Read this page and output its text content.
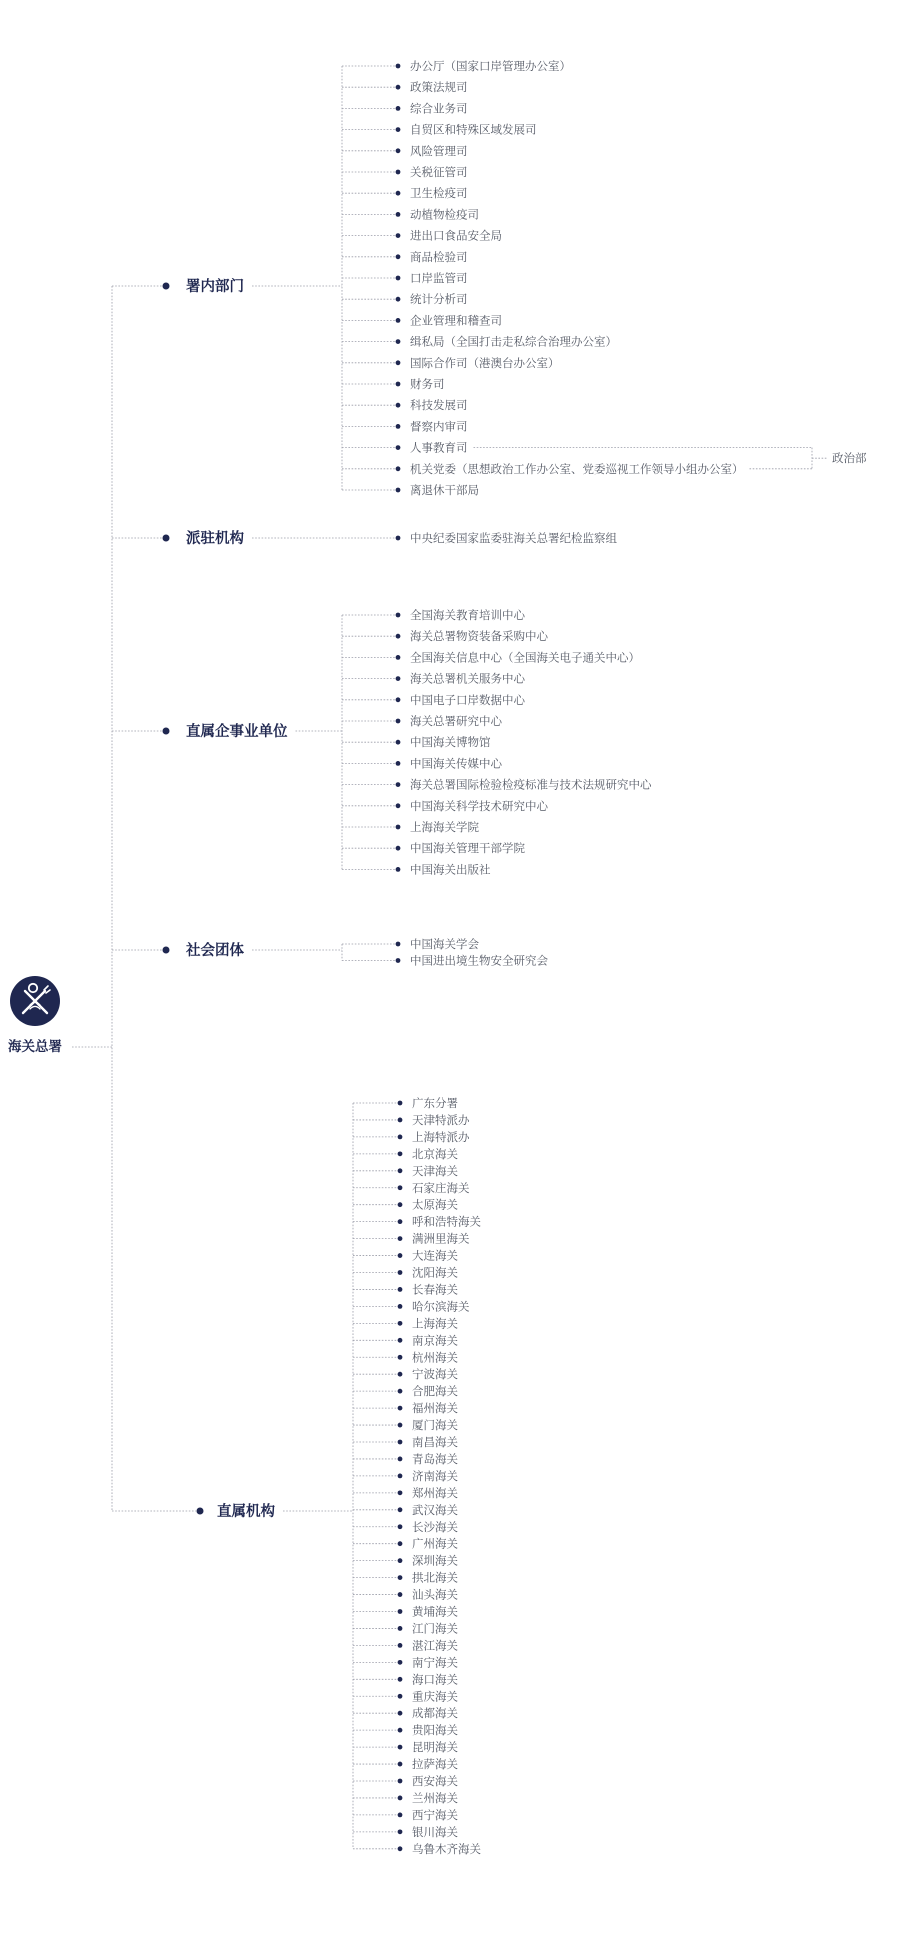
海关总署
署内部门
办公厅（国家口岸管理办公室）
政策法规司
综合业务司
自贸区和特殊区域发展司
风险管理司
关税征管司
卫生检疫司
动植物检疫司
进出口食品安全局
商品检验司
口岸监管司
统计分析司
企业管理和稽查司
缉私局（全国打击走私综合治理办公室）
国际合作司（港澳台办公室）
财务司
科技发展司
督察内审司
人事教育司
机关党委（思想政治工作办公室、党委巡视工作领导小组办公室）
离退休干部局
政治部
派驻机构	中央纪委国家监委驻海关总署纪检监察组
直属企事业单位
全国海关教育培训中心
海关总署物资装备采购中心
全国海关信息中心（全国海关电子通关中心）
海关总署机关服务中心
中国电子口岸数据中心
海关总署研究中心
中国海关博物馆
中国海关传媒中心
海关总署国际检验检疫标准与技术法规研究中心
中国海关科学技术研究中心
上海海关学院
中国海关管理干部学院
中国海关出版社
社会团体	中国海关学会
中国进出境生物安全研究会
直属机构
广东分署
天津特派办
上海特派办
北京海关
天津海关
石家庄海关
太原海关
呼和浩特海关
满洲里海关
大连海关
沈阳海关
长春海关
哈尔滨海关
上海海关
南京海关
杭州海关
宁波海关
合肥海关
福州海关
厦门海关
南昌海关
青岛海关
济南海关
郑州海关
武汉海关
长沙海关
广州海关
深圳海关
拱北海关
汕头海关
黄埔海关
江门海关
湛江海关
南宁海关
海口海关
重庆海关
成都海关
贵阳海关
昆明海关
拉萨海关
西安海关
兰州海关
西宁海关
银川海关
乌鲁木齐海关
